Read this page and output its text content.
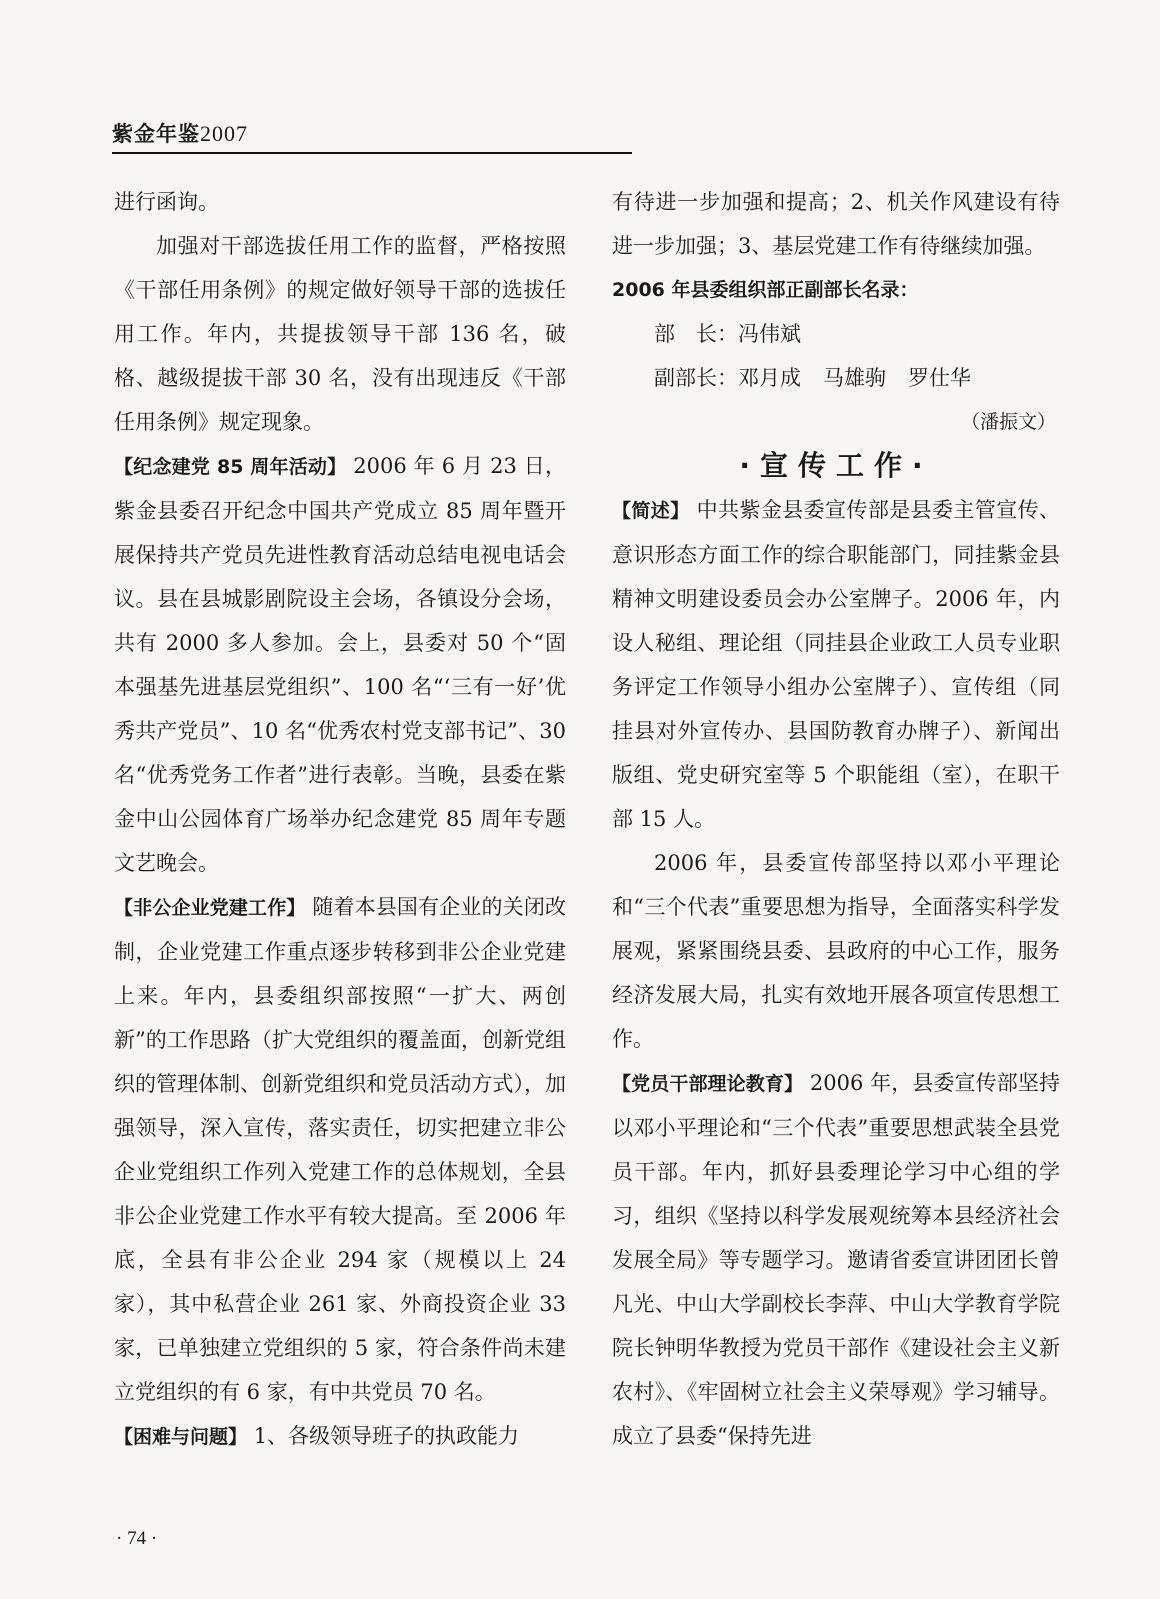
紫金年鉴2007

进行函询。

加强对干部选拔任用工作的监督，严格按照《干部任用条例》的规定做好领导干部的选拔任用工作。年内，共提拔领导干部 136 名，破格、越级提拔干部 30 名，没有出现违反《干部任用条例》规定现象。

【纪念建党 85 周年活动】 2006 年 6 月 23 日，紫金县委召开纪念中国共产党成立 85 周年暨开展保持共产党员先进性教育活动总结电视电话会议。县在县城影剧院设主会场，各镇设分会场，共有 2000 多人参加。会上，县委对 50 个“固本强基先进基层党组织”、100 名“‘三有一好’优秀共产党员”、10 名“优秀农村党支部书记”、30 名“优秀党务工作者”进行表彰。当晚，县委在紫金中山公园体育广场举办纪念建党 85 周年专题文艺晚会。

【非公企业党建工作】 随着本县国有企业的关闭改制，企业党建工作重点逐步转移到非公企业党建上来。年内，县委组织部按照“一扩大、两创新”的工作思路（扩大党组织的覆盖面，创新党组织的管理体制、创新党组织和党员活动方式），加强领导，深入宣传，落实责任，切实把建立非公企业党组织工作列入党建工作的总体规划，全县非公企业党建工作水平有较大提高。至 2006 年底，全县有非公企业 294 家（规模以上 24 家），其中私营企业 261 家、外商投资企业 33 家，已单独建立党组织的 5 家，符合条件尚未建立党组织的有 6 家，有中共党员 70 名。

【困难与问题】 1、各级领导班子的执政能力

有待进一步加强和提高；2、机关作风建设有待进一步加强；3、基层党建工作有待继续加强。

2006 年县委组织部正副部长名录：

部　长：冯伟斌

副部长：邓月成 马雄驹 罗仕华

（潘振文）

·宣传工作·

【简述】 中共紫金县委宣传部是县委主管宣传、意识形态方面工作的综合职能部门，同挂紫金县精神文明建设委员会办公室牌子。2006 年，内设人秘组、理论组（同挂县企业政工人员专业职务评定工作领导小组办公室牌子）、宣传组（同挂县对外宣传办、县国防教育办牌子）、新闻出版组、党史研究室等 5 个职能组（室），在职干部 15 人。

2006 年，县委宣传部坚持以邓小平理论和“三个代表”重要思想为指导，全面落实科学发展观，紧紧围绕县委、县政府的中心工作，服务经济发展大局，扎实有效地开展各项宣传思想工作。

【党员干部理论教育】 2006 年，县委宣传部坚持以邓小平理论和“三个代表”重要思想武装全县党员干部。年内，抓好县委理论学习中心组的学习，组织《坚持以科学发展观统筹本县经济社会发展全局》等专题学习。邀请省委宣讲团团长曾凡光、中山大学副校长李萍、中山大学教育学院院长钟明华教授为党员干部作《建设社会主义新农村》、《牢固树立社会主义荣辱观》学习辅导。成立了县委“保持先进

· 74 ·
